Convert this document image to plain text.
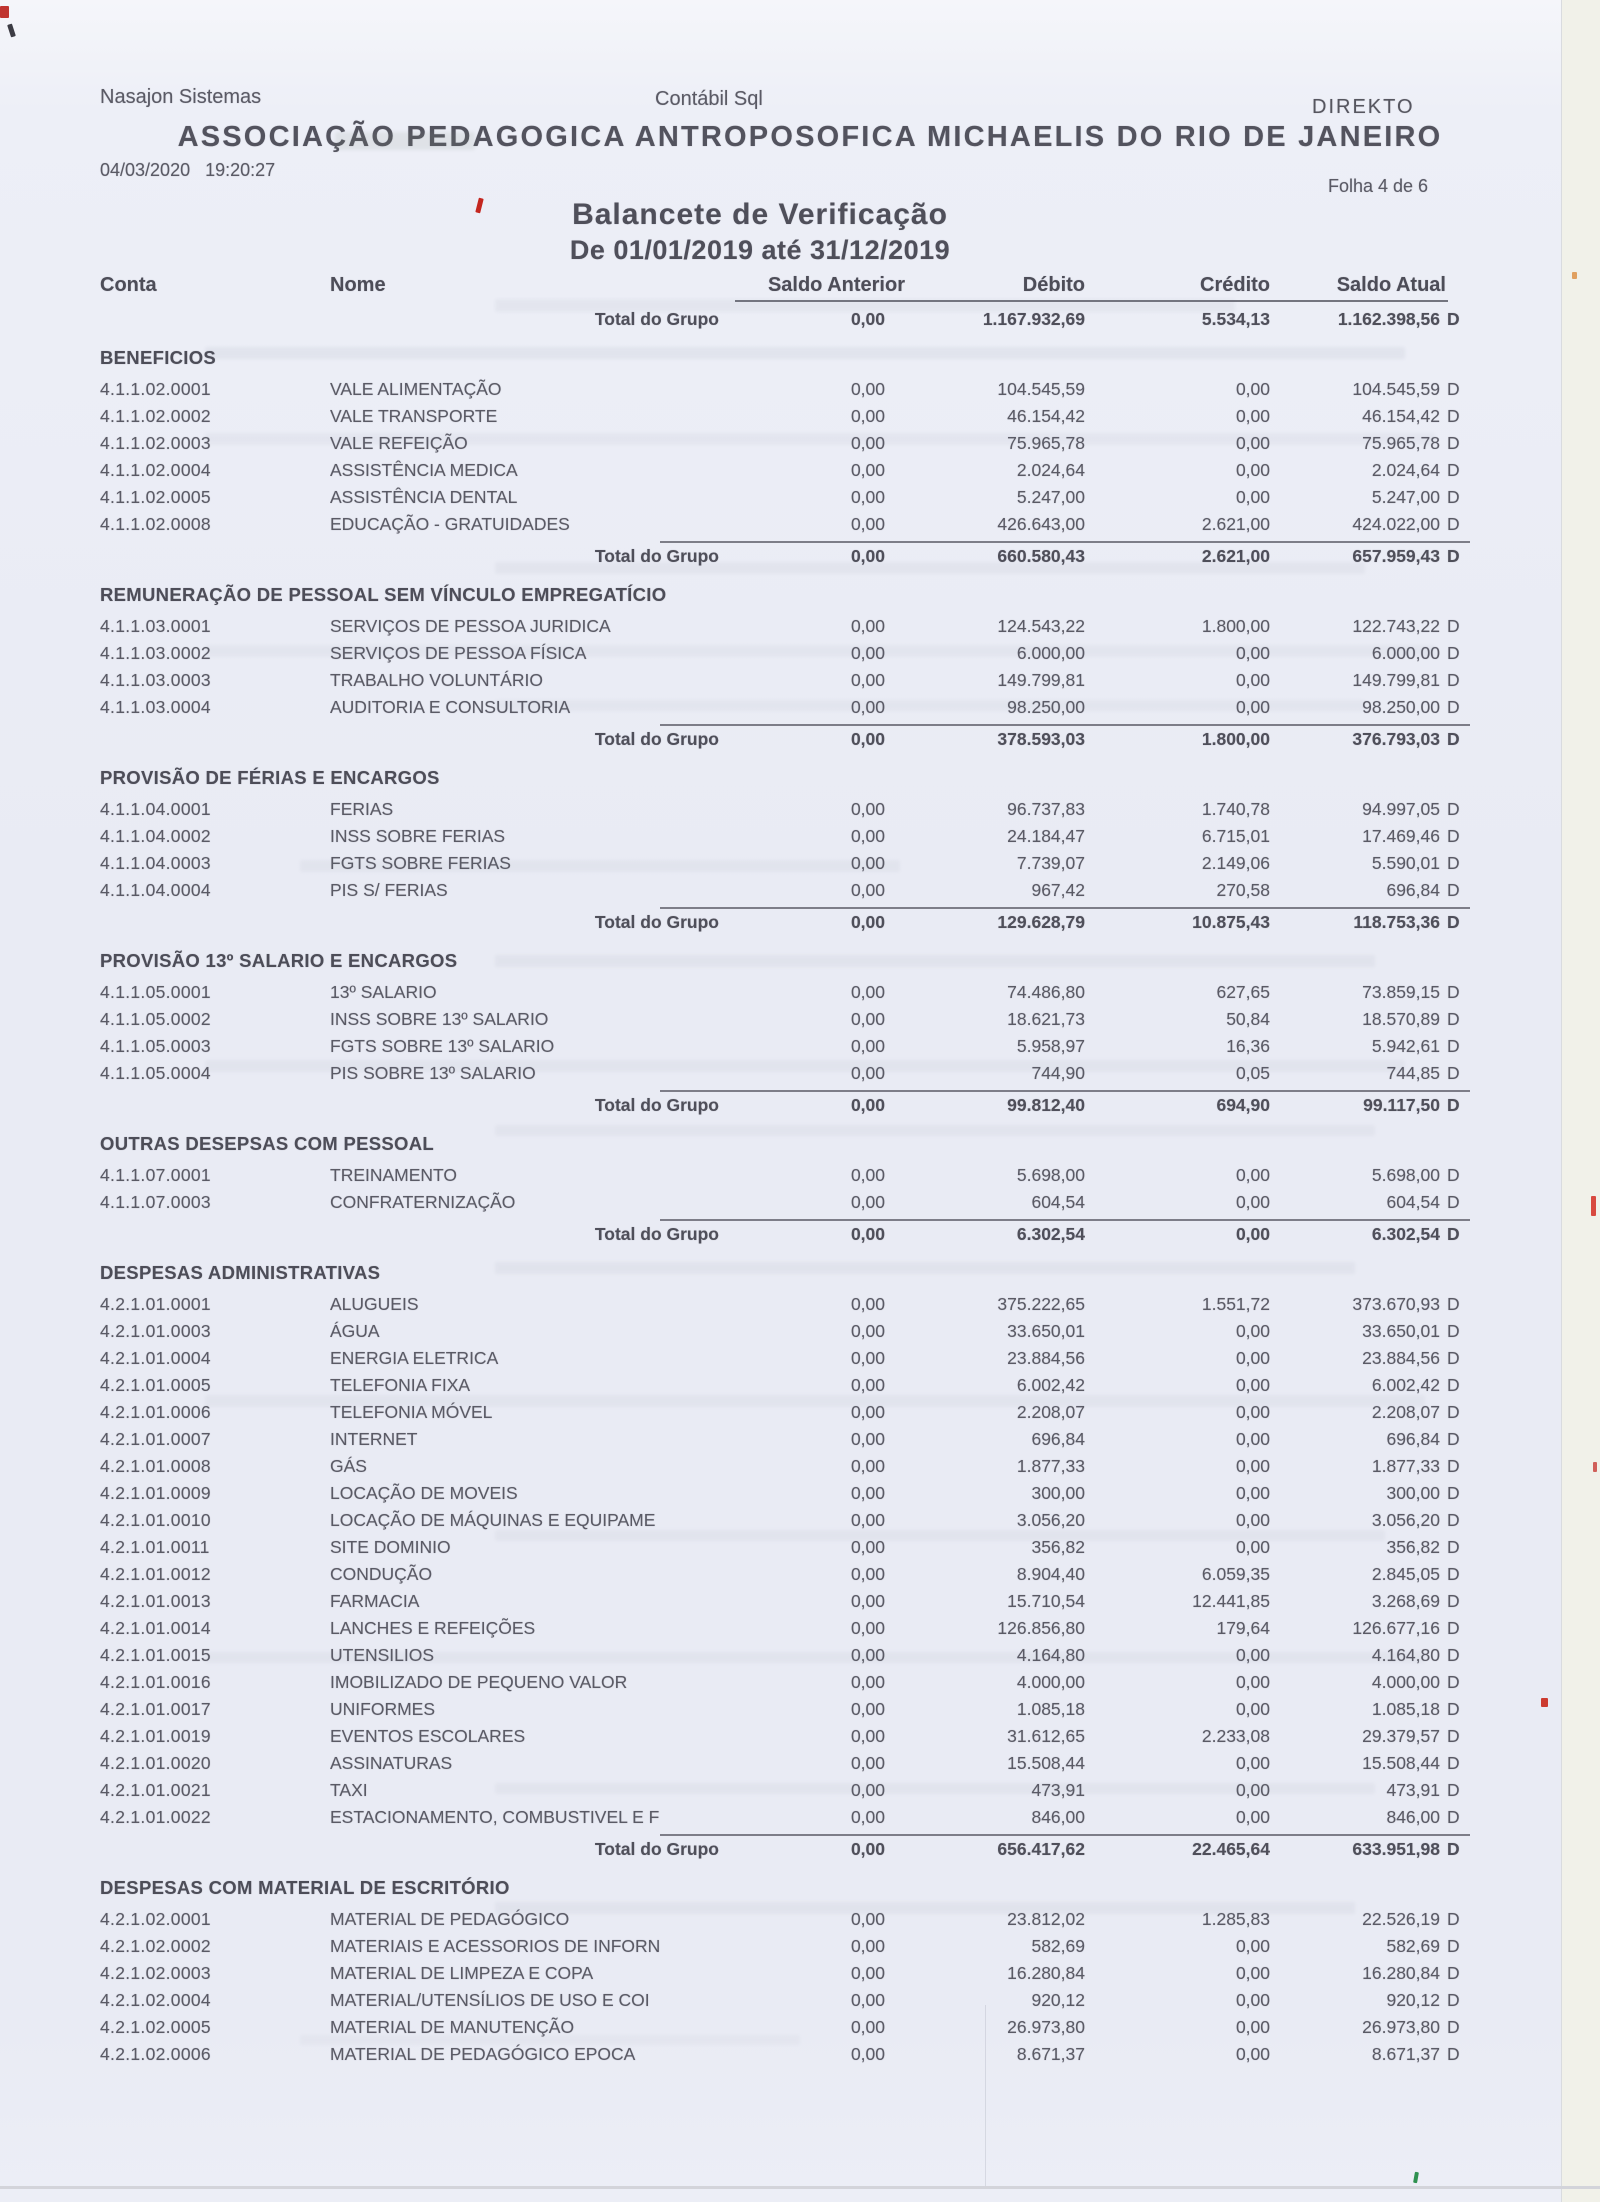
Nasajon Sistemas	Contábil Sql	DIREKTO
ASSOCIAÇÃO PEDAGOGICA ANTROPOSOFICA MICHAELIS DO RIO DE JANEIRO
04/03/2020   19:20:27
Folha 4 de 6
Balancete de Verificação
De 01/01/2019 até 31/12/2019
Conta	Nome	Saldo Anterior	Débito	Crédito	Saldo Atual
Total do Grupo	0,00	1.167.932,69	5.534,13	1.162.398,56 D
BENEFICIOS
4.1.1.02.0001	VALE ALIMENTAÇÃO	0,00	104.545,59	0,00	104.545,59 D
4.1.1.02.0002	VALE TRANSPORTE	0,00	46.154,42	0,00	46.154,42 D
4.1.1.02.0003	VALE REFEIÇÃO	0,00	75.965,78	0,00	75.965,78 D
4.1.1.02.0004	ASSISTÊNCIA MEDICA	0,00	2.024,64	0,00	2.024,64 D
4.1.1.02.0005	ASSISTÊNCIA DENTAL	0,00	5.247,00	0,00	5.247,00 D
4.1.1.02.0008	EDUCAÇÃO - GRATUIDADES	0,00	426.643,00	2.621,00	424.022,00 D
Total do Grupo	0,00	660.580,43	2.621,00	657.959,43 D
REMUNERAÇÃO DE PESSOAL SEM VÍNCULO EMPREGATÍCIO
4.1.1.03.0001	SERVIÇOS DE PESSOA JURIDICA	0,00	124.543,22	1.800,00	122.743,22 D
4.1.1.03.0002	SERVIÇOS DE PESSOA FÍSICA	0,00	6.000,00	0,00	6.000,00 D
4.1.1.03.0003	TRABALHO VOLUNTÁRIO	0,00	149.799,81	0,00	149.799,81 D
4.1.1.03.0004	AUDITORIA E CONSULTORIA	0,00	98.250,00	0,00	98.250,00 D
Total do Grupo	0,00	378.593,03	1.800,00	376.793,03 D
PROVISÃO DE FÉRIAS E ENCARGOS
4.1.1.04.0001	FERIAS	0,00	96.737,83	1.740,78	94.997,05 D
4.1.1.04.0002	INSS SOBRE FERIAS	0,00	24.184,47	6.715,01	17.469,46 D
4.1.1.04.0003	FGTS SOBRE FERIAS	0,00	7.739,07	2.149,06	5.590,01 D
4.1.1.04.0004	PIS S/ FERIAS	0,00	967,42	270,58	696,84 D
Total do Grupo	0,00	129.628,79	10.875,43	118.753,36 D
PROVISÃO 13º SALARIO E ENCARGOS
4.1.1.05.0001	13º SALARIO	0,00	74.486,80	627,65	73.859,15 D
4.1.1.05.0002	INSS SOBRE 13º SALARIO	0,00	18.621,73	50,84	18.570,89 D
4.1.1.05.0003	FGTS SOBRE 13º SALARIO	0,00	5.958,97	16,36	5.942,61 D
4.1.1.05.0004	PIS SOBRE 13º SALARIO	0,00	744,90	0,05	744,85 D
Total do Grupo	0,00	99.812,40	694,90	99.117,50 D
OUTRAS DESEPSAS COM PESSOAL
4.1.1.07.0001	TREINAMENTO	0,00	5.698,00	0,00	5.698,00 D
4.1.1.07.0003	CONFRATERNIZAÇÃO	0,00	604,54	0,00	604,54 D
Total do Grupo	0,00	6.302,54	0,00	6.302,54 D
DESPESAS ADMINISTRATIVAS
4.2.1.01.0001	ALUGUEIS	0,00	375.222,65	1.551,72	373.670,93 D
4.2.1.01.0003	ÁGUA	0,00	33.650,01	0,00	33.650,01 D
4.2.1.01.0004	ENERGIA ELETRICA	0,00	23.884,56	0,00	23.884,56 D
4.2.1.01.0005	TELEFONIA FIXA	0,00	6.002,42	0,00	6.002,42 D
4.2.1.01.0006	TELEFONIA MÓVEL	0,00	2.208,07	0,00	2.208,07 D
4.2.1.01.0007	INTERNET	0,00	696,84	0,00	696,84 D
4.2.1.01.0008	GÁS	0,00	1.877,33	0,00	1.877,33 D
4.2.1.01.0009	LOCAÇÃO DE MOVEIS	0,00	300,00	0,00	300,00 D
4.2.1.01.0010	LOCAÇÃO DE MÁQUINAS E EQUIPAME	0,00	3.056,20	0,00	3.056,20 D
4.2.1.01.0011	SITE DOMINIO	0,00	356,82	0,00	356,82 D
4.2.1.01.0012	CONDUÇÃO	0,00	8.904,40	6.059,35	2.845,05 D
4.2.1.01.0013	FARMACIA	0,00	15.710,54	12.441,85	3.268,69 D
4.2.1.01.0014	LANCHES E REFEIÇÕES	0,00	126.856,80	179,64	126.677,16 D
4.2.1.01.0015	UTENSILIOS	0,00	4.164,80	0,00	4.164,80 D
4.2.1.01.0016	IMOBILIZADO DE PEQUENO VALOR	0,00	4.000,00	0,00	4.000,00 D
4.2.1.01.0017	UNIFORMES	0,00	1.085,18	0,00	1.085,18 D
4.2.1.01.0019	EVENTOS ESCOLARES	0,00	31.612,65	2.233,08	29.379,57 D
4.2.1.01.0020	ASSINATURAS	0,00	15.508,44	0,00	15.508,44 D
4.2.1.01.0021	TAXI	0,00	473,91	0,00	473,91 D
4.2.1.01.0022	ESTACIONAMENTO, COMBUSTIVEL E F	0,00	846,00	0,00	846,00 D
Total do Grupo	0,00	656.417,62	22.465,64	633.951,98 D
DESPESAS COM MATERIAL DE ESCRITÓRIO
4.2.1.02.0001	MATERIAL DE PEDAGÓGICO	0,00	23.812,02	1.285,83	22.526,19 D
4.2.1.02.0002	MATERIAIS E ACESSORIOS DE INFORN	0,00	582,69	0,00	582,69 D
4.2.1.02.0003	MATERIAL DE LIMPEZA E COPA	0,00	16.280,84	0,00	16.280,84 D
4.2.1.02.0004	MATERIAL/UTENSÍLIOS DE USO E COI	0,00	920,12	0,00	920,12 D
4.2.1.02.0005	MATERIAL DE MANUTENÇÃO	0,00	26.973,80	0,00	26.973,80 D
4.2.1.02.0006	MATERIAL DE PEDAGÓGICO EPOCA	0,00	8.671,37	0,00	8.671,37 D
